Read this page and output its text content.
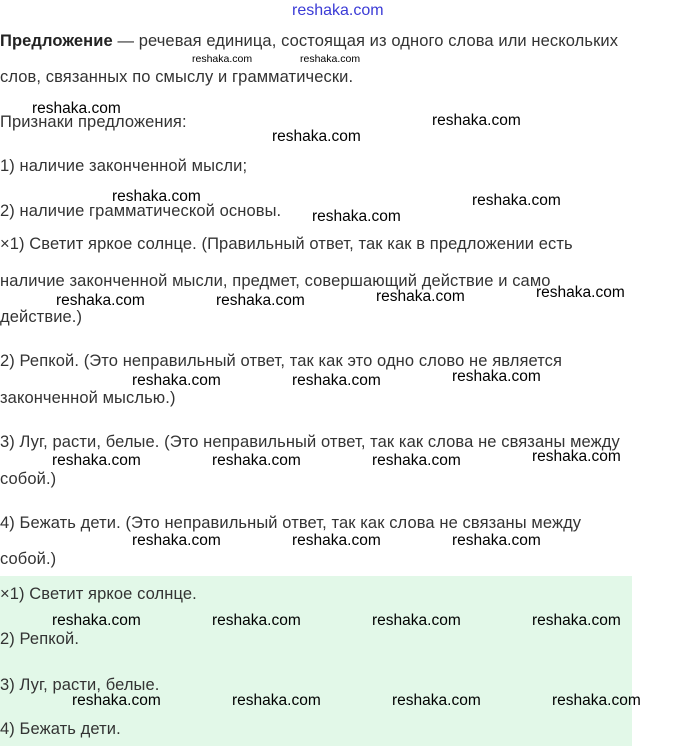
reshaka.com
Предложение — речевая единица, состоящая из одного слова или нескольких
reshaka.com	reshaka.com
слов, связанных по смыслу и грамматически.
reshaka.com
Признаки предложения:
reshaka.com
reshaka.com
1) наличие законченной мысли;
reshaka.com	reshaka.com
2) наличие грамматической основы. reshaka.com
×1) Светит яркое солнце. (Правильный ответ, так как в предложении есть
наличие законченной мысли, предмет, совершающий действие и само
reshaka.com	reshaka.com	reshaka.com	reshaka.com
действие.)
2) Репкой. (Это неправильный ответ, так как это одно слово не является
reshaka.com	reshaka.com	reshaka.com
законченной мыслью.)
3) Луг, расти, белые. (Это неправильный ответ, так как слова не связаны между
reshaka.com	reshaka.com	reshaka.com	reshaka.com
собой.)
4) Бежать дети. (Это неправильный ответ, так как слова не связаны между
reshaka.com	reshaka.com	reshaka.com
собой.)
×1) Светит яркое солнце.
reshaka.com	reshaka.com	reshaka.com	reshaka.com
2) Репкой.
3) Луг, расти, белые.
reshaka.com	reshaka.com	reshaka.com	reshaka.com
4) Бежать дети.
